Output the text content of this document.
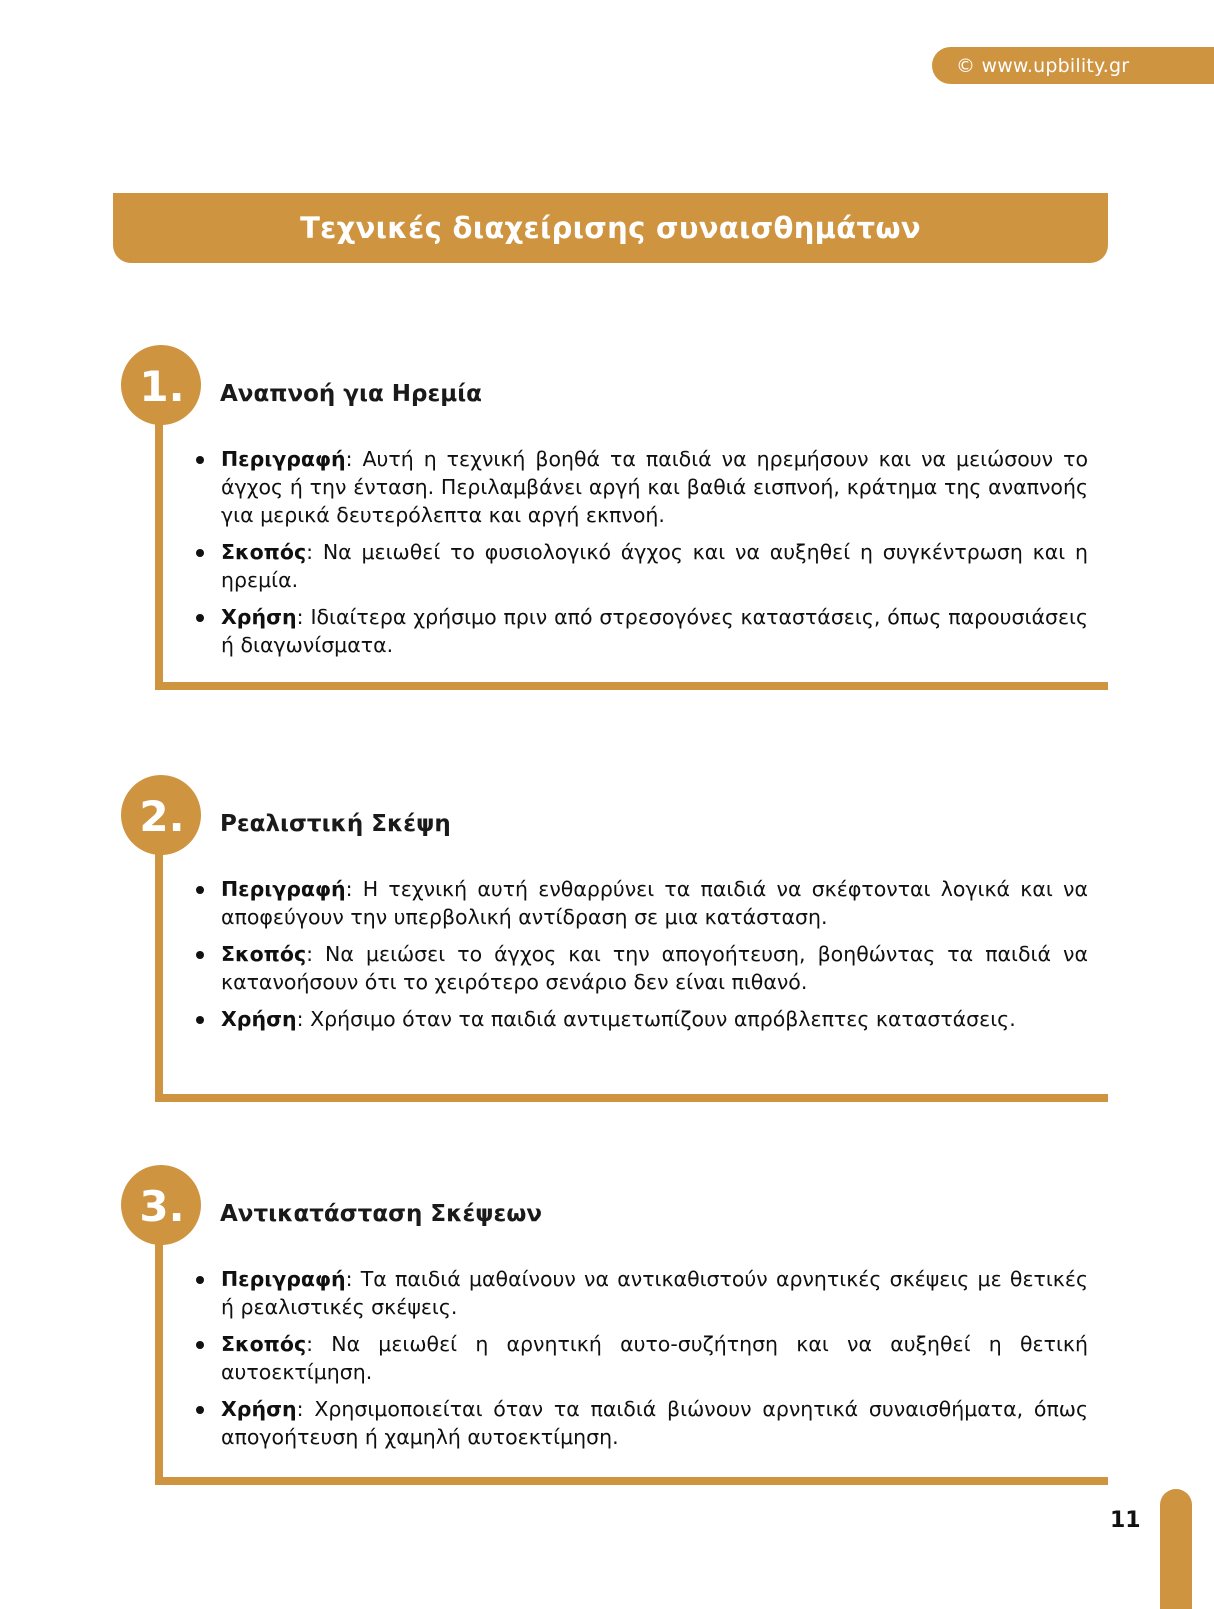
© www.upbility.gr
Τεχνικές διαχείρισης συναισθημάτων
1. Αναπνοή για Ηρεμία
Περιγραφή: Αυτή η τεχνική βοηθά τα παιδιά να ηρεμήσουν και να μειώσουν το άγχος ή την ένταση. Περιλαμβάνει αργή και βαθιά εισπνοή, κράτημα της αναπνοής για μερικά δευτερόλεπτα και αργή εκπνοή.
Σκοπός: Να μειωθεί το φυσιολογικό άγχος και να αυξηθεί η συγκέντρωση και η ηρεμία.
Χρήση: Ιδιαίτερα χρήσιμο πριν από στρεσογόνες καταστάσεις, όπως παρουσιάσεις ή διαγωνίσματα.
2. Ρεαλιστική Σκέψη
Περιγραφή: Η τεχνική αυτή ενθαρρύνει τα παιδιά να σκέφτονται λογικά και να αποφεύγουν την υπερβολική αντίδραση σε μια κατάσταση.
Σκοπός: Να μειώσει το άγχος και την απογοήτευση, βοηθώντας τα παιδιά να κατανοήσουν ότι το χειρότερο σενάριο δεν είναι πιθανό.
Χρήση: Χρήσιμο όταν τα παιδιά αντιμετωπίζουν απρόβλεπτες καταστάσεις.
3. Αντικατάσταση Σκέψεων
Περιγραφή: Τα παιδιά μαθαίνουν να αντικαθιστούν αρνητικές σκέψεις με θετικές ή ρεαλιστικές σκέψεις.
Σκοπός: Να μειωθεί η αρνητική αυτο-συζήτηση και να αυξηθεί η θετική αυτοεκτίμηση.
Χρήση: Χρησιμοποιείται όταν τα παιδιά βιώνουν αρνητικά συναισθήματα, όπως απογοήτευση ή χαμηλή αυτοεκτίμηση.
11
